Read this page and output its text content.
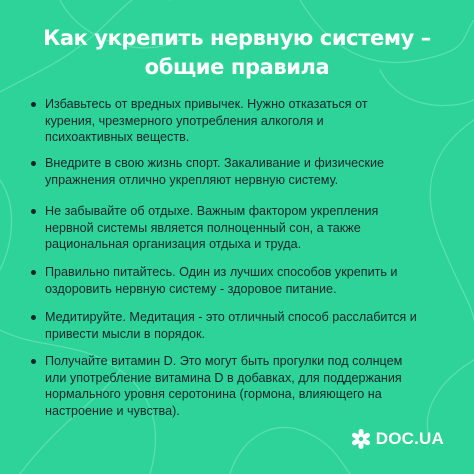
Как укрепить нервную систему –
общие правила
Избавьтесь от вредных привычек. Нужно отказаться от
курения, чрезмерного употребления алкоголя и
психоактивных веществ.
Внедрите в свою жизнь спорт. Закаливание и физические
упражнения отлично укрепляют нервную систему.
Не забывайте об отдыхе. Важным фактором укрепления
нервной системы является полноценный сон, а также
рациональная организация отдыха и труда.
Правильно питайтесь. Один из лучших способов укрепить и
оздоровить нервную систему - здоровое питание.
Медитируйте. Медитация - это отличный способ расслабится и
привести мысли в порядок.
Получайте витамин D. Это могут быть прогулки под солнцем
или употребление витамина D в добавках, для поддержания
нормального уровня серотонина (гормона, влияющего на
настроение и чувства).
DOC.UA
